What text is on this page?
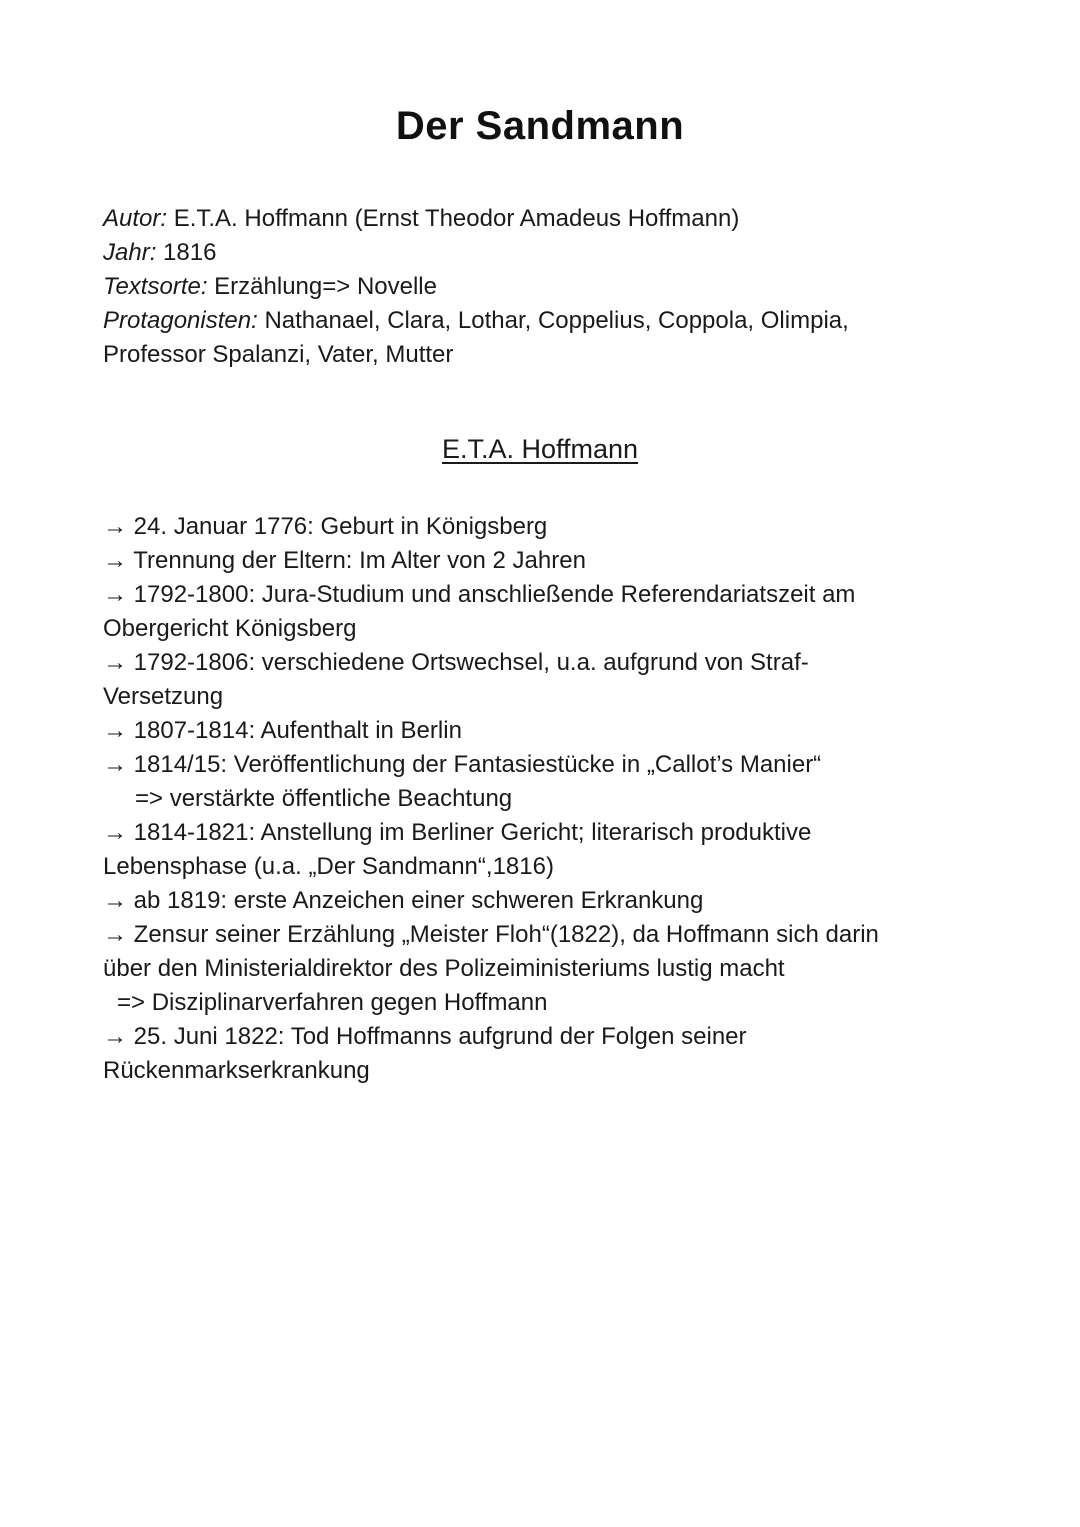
Der Sandmann
Autor: E.T.A. Hoffmann (Ernst Theodor Amadeus Hoffmann)
Jahr: 1816
Textsorte: Erzählung=> Novelle
Protagonisten: Nathanael, Clara, Lothar, Coppelius, Coppola, Olimpia,
Professor Spalanzi, Vater, Mutter
E.T.A. Hoffmann
→ 24. Januar 1776: Geburt in Königsberg
→ Trennung der Eltern: Im Alter von 2 Jahren
→ 1792-1800: Jura-Studium und anschließende Referendariatszeit am
Obergericht Königsberg
→ 1792-1806: verschiedene Ortswechsel, u.a. aufgrund von Straf-
Versetzung
→ 1807-1814: Aufenthalt in Berlin
→ 1814/15: Veröffentlichung der Fantasiestücke in „Callot’s Manier“
=> verstärkte öffentliche Beachtung
→ 1814-1821: Anstellung im Berliner Gericht; literarisch produktive
Lebensphase (u.a. „Der Sandmann“,1816)
→ ab 1819: erste Anzeichen einer schweren Erkrankung
→ Zensur seiner Erzählung „Meister Floh“(1822), da Hoffmann sich darin
über den Ministerialdirektor des Polizeiministeriums lustig macht
=> Disziplinarverfahren gegen Hoffmann
→ 25. Juni 1822: Tod Hoffmanns aufgrund der Folgen seiner
Rückenmarkserkrankung
